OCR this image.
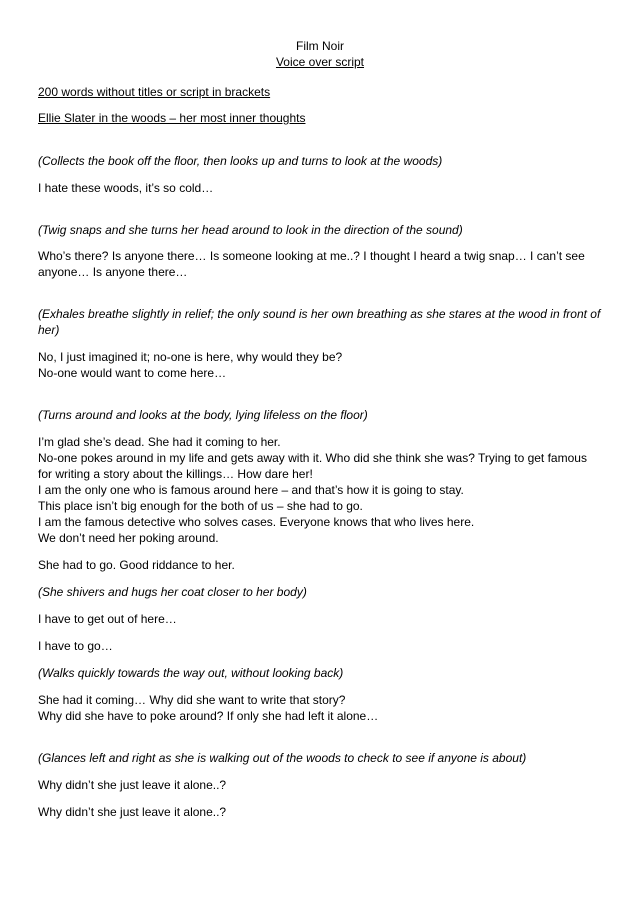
Film Noir

Voice over script

200 words without titles or script in brackets

Ellie Slater in the woods – her most inner thoughts

(Collects the book off the floor, then looks up and turns to look at the woods)

I hate these woods, it’s so cold…

(Twig snaps and she turns her head around to look in the direction of the sound)

Who’s there? Is anyone there… Is someone looking at me..? I thought I heard a twig snap… I can’t see anyone… Is anyone there…

(Exhales breathe slightly in relief; the only sound is her own breathing as she stares at the wood in front of her)

No, I just imagined it; no-one is here, why would they be?

No-one would want to come here…

(Turns around and looks at the body, lying lifeless on the floor)

I’m glad she’s dead. She had it coming to her.

No-one pokes around in my life and gets away with it. Who did she think she was? Trying to get famous for writing a story about the killings… How dare her!

I am the only one who is famous around here – and that’s how it is going to stay.

This place isn’t big enough for the both of us – she had to go.

I am the famous detective who solves cases. Everyone knows that who lives here.

We don’t need her poking around.

She had to go. Good riddance to her.

(She shivers and hugs her coat closer to her body)

I have to get out of here…

I have to go…

(Walks quickly towards the way out, without looking back)

She had it coming… Why did she want to write that story?

Why did she have to poke around? If only she had left it alone…

(Glances left and right as she is walking out of the woods to check to see if anyone is about)

Why didn’t she just leave it alone..?

Why didn’t she just leave it alone..?
